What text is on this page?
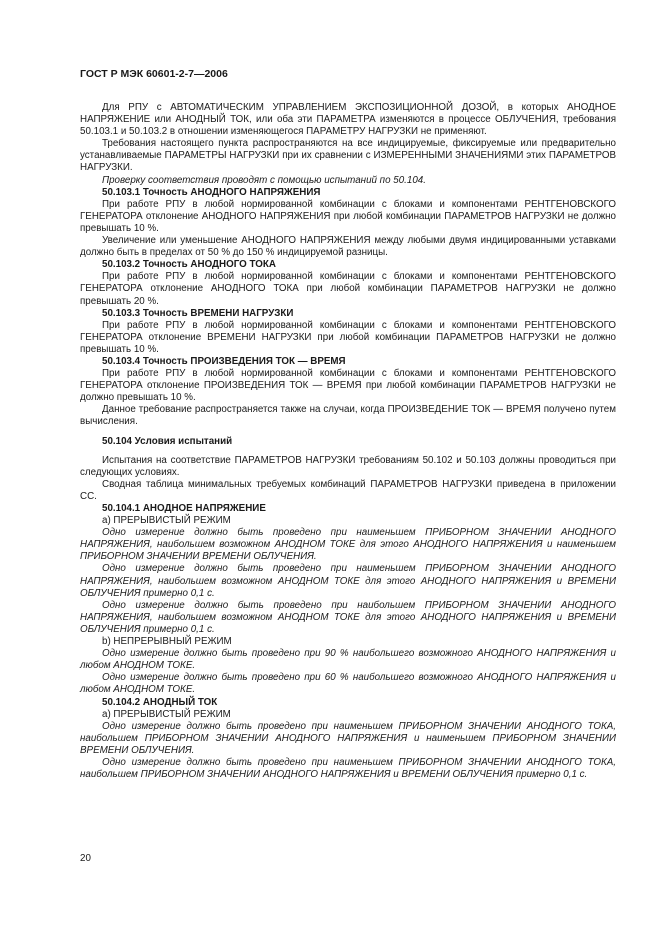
ГОСТ Р МЭК 60601-2-7—2006
Для РПУ с АВТОМАТИЧЕСКИМ УПРАВЛЕНИЕМ ЭКСПОЗИЦИОННОЙ ДОЗОЙ, в которых АНОДНОЕ НАПРЯЖЕНИЕ или АНОДНЫЙ ТОК, или оба эти ПАРАМЕТРА изменяются в процессе ОБЛУЧЕНИЯ, требования 50.103.1 и 50.103.2 в отношении изменяющегося ПАРАМЕТРУ НАГРУЗКИ не применяют.
Требования настоящего пункта распространяются на все индицируемые, фиксируемые или предварительно устанавливаемые ПАРАМЕТРЫ НАГРУЗКИ при их сравнении с ИЗМЕРЕННЫМИ ЗНАЧЕНИЯМИ этих ПАРАМЕТРОВ НАГРУЗКИ.
Проверку соответствия проводят с помощью испытаний по 50.104.
50.103.1 Точность АНОДНОГО НАПРЯЖЕНИЯ
При работе РПУ в любой нормированной комбинации с блоками и компонентами РЕНТГЕНОВСКОГО ГЕНЕРАТОРА отклонение АНОДНОГО НАПРЯЖЕНИЯ при любой комбинации ПАРАМЕТРОВ НАГРУЗКИ не должно превышать 10 %.
Увеличение или уменьшение АНОДНОГО НАПРЯЖЕНИЯ между любыми двумя индицированными уставками должно быть в пределах от 50 % до 150 % индицируемой разницы.
50.103.2 Точность АНОДНОГО ТОКА
При работе РПУ в любой нормированной комбинации с блоками и компонентами РЕНТГЕНОВСКОГО ГЕНЕРАТОРА отклонение АНОДНОГО ТОКА при любой комбинации ПАРАМЕТРОВ НАГРУЗКИ не должно превышать 20 %.
50.103.3 Точность ВРЕМЕНИ НАГРУЗКИ
При работе РПУ в любой нормированной комбинации с блоками и компонентами РЕНТГЕНОВСКОГО ГЕНЕРАТОРА отклонение ВРЕМЕНИ НАГРУЗКИ при любой комбинации ПАРАМЕТРОВ НАГРУЗКИ не должно превышать 10 %.
50.103.4 Точность ПРОИЗВЕДЕНИЯ ТОК — ВРЕМЯ
При работе РПУ в любой нормированной комбинации с блоками и компонентами РЕНТГЕНОВСКОГО ГЕНЕРАТОРА отклонение ПРОИЗВЕДЕНИЯ ТОК — ВРЕМЯ при любой комбинации ПАРАМЕТРОВ НАГРУЗКИ не должно превышать 10 %.
Данное требование распространяется также на случаи, когда ПРОИЗВЕДЕНИЕ ТОК — ВРЕМЯ получено путем вычисления.
50.104 Условия испытаний
Испытания на соответствие ПАРАМЕТРОВ НАГРУЗКИ требованиям 50.102 и 50.103 должны проводиться при следующих условиях.
Сводная таблица минимальных требуемых комбинаций ПАРАМЕТРОВ НАГРУЗКИ приведена в приложении СС.
50.104.1 АНОДНОЕ НАПРЯЖЕНИЕ
а) ПРЕРЫВИСТЫЙ РЕЖИМ
Одно измерение должно быть проведено при наименьшем ПРИБОРНОМ ЗНАЧЕНИИ АНОДНОГО НАПРЯЖЕНИЯ, наибольшем возможном АНОДНОМ ТОКЕ для этого АНОДНОГО НАПРЯЖЕНИЯ и наименьшем ПРИБОРНОМ ЗНАЧЕНИИ ВРЕМЕНИ ОБЛУЧЕНИЯ.
Одно измерение должно быть проведено при наименьшем ПРИБОРНОМ ЗНАЧЕНИИ АНОДНОГО НАПРЯЖЕНИЯ, наибольшем возможном АНОДНОМ ТОКЕ для этого АНОДНОГО НАПРЯЖЕНИЯ и ВРЕМЕНИ ОБЛУЧЕНИЯ примерно 0,1 с.
Одно измерение должно быть проведено при наибольшем ПРИБОРНОМ ЗНАЧЕНИИ АНОДНОГО НАПРЯЖЕНИЯ, наибольшем возможном АНОДНОМ ТОКЕ для этого АНОДНОГО НАПРЯЖЕНИЯ и ВРЕМЕНИ ОБЛУЧЕНИЯ примерно 0,1 с.
b) НЕПРЕРЫВНЫЙ РЕЖИМ
Одно измерение должно быть проведено при 90 % наибольшего возможного АНОДНОГО НАПРЯЖЕНИЯ и любом АНОДНОМ ТОКЕ.
Одно измерение должно быть проведено при 60 % наибольшего возможного АНОДНОГО НАПРЯЖЕНИЯ и любом АНОДНОМ ТОКЕ.
50.104.2 АНОДНЫЙ ТОК
а) ПРЕРЫВИСТЫЙ РЕЖИМ
Одно измерение должно быть проведено при наименьшем ПРИБОРНОМ ЗНАЧЕНИИ АНОДНОГО ТОКА, наибольшем ПРИБОРНОМ ЗНАЧЕНИИ АНОДНОГО НАПРЯЖЕНИЯ и наименьшем ПРИБОРНОМ ЗНАЧЕНИИ ВРЕМЕНИ ОБЛУЧЕНИЯ.
Одно измерение должно быть проведено при наименьшем ПРИБОРНОМ ЗНАЧЕНИИ АНОДНОГО ТОКА, наибольшем ПРИБОРНОМ ЗНАЧЕНИИ АНОДНОГО НАПРЯЖЕНИЯ и ВРЕМЕНИ ОБЛУЧЕНИЯ примерно 0,1 с.
20
